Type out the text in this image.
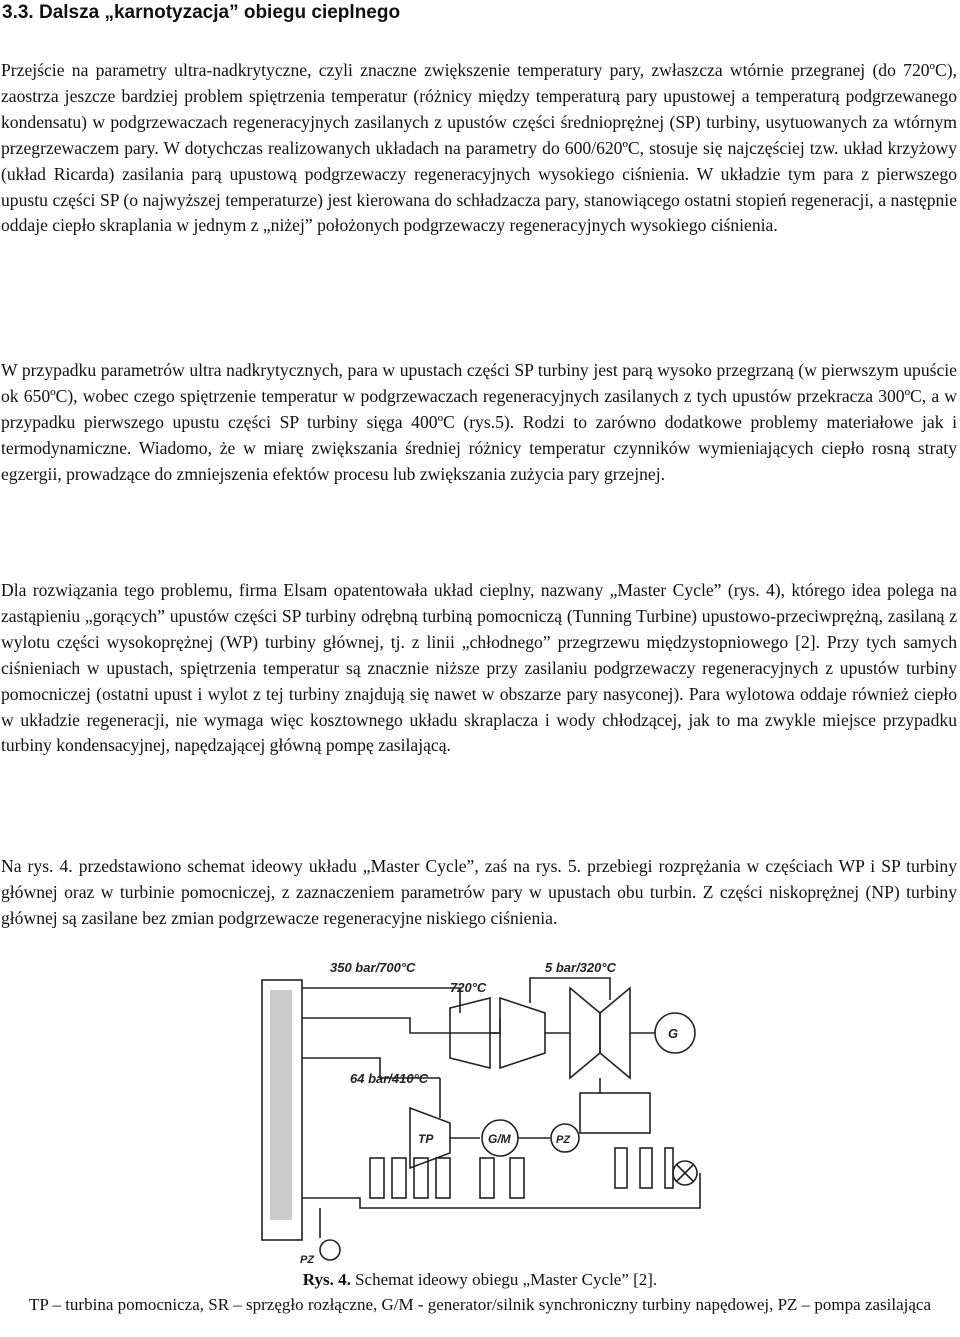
3.3. Dalsza „karnotyzacja” obiegu cieplnego

Przejście na parametry ultra-nadkrytyczne, czyli znaczne zwiększenie temperatury pary, zwłaszcza wtórnie przegranej (do 720ºC), zaostrza jeszcze bardziej problem spiętrzenia temperatur (różnicy między temperaturą pary upustowej a temperaturą podgrzewanego kondensatu) w podgrzewaczach regeneracyjnych zasilanych z upustów części średnioprężnej (SP) turbiny, usytuowanych za wtórnym przegrzewaczem pary. W dotychczas realizowanych układach na parametry do 600/620ºC, stosuje się najczęściej tzw. układ krzyżowy (układ Ricarda) zasilania parą upustową podgrzewaczy regeneracyjnych wysokiego ciśnienia. W układzie tym para z pierwszego upustu części SP (o najwyższej temperaturze) jest kierowana do schładzacza pary, stanowiącego ostatni stopień regeneracji, a następnie oddaje ciepło skraplania w jednym z „niżej” położonych podgrzewaczy regeneracyjnych wysokiego ciśnienia.

W przypadku parametrów ultra nadkrytycznych, para w upustach części SP turbiny jest parą wysoko przegrzaną (w pierwszym upuście ok 650ºC), wobec czego spiętrzenie temperatur w podgrzewaczach regeneracyjnych zasilanych z tych upustów przekracza 300ºC, a w przypadku pierwszego upustu części SP turbiny sięga 400ºC (rys.5). Rodzi to zarówno dodatkowe problemy materiałowe jak i termodynamiczne. Wiadomo, że w miarę zwiększania średniej różnicy temperatur czynników wymieniających ciepło rosną straty egzergii, prowadzące do zmniejszenia efektów procesu lub zwiększania zużycia pary grzejnej.

Dla rozwiązania tego problemu, firma Elsam opatentowała układ cieplny, nazwany „Master Cycle” (rys. 4), którego idea polega na zastąpieniu „gorących” upustów części SP turbiny odrębną turbiną pomocniczą (Tunning Turbine) upustowo-przeciwprężną, zasilaną z wylotu części wysokoprężnej (WP) turbiny głównej, tj. z linii „chłodnego” przegrzewu międzystopniowego [2]. Przy tych samych ciśnieniach w upustach, spiętrzenia temperatur są znacznie niższe przy zasilaniu podgrzewaczy regeneracyjnych z upustów turbiny pomocniczej (ostatni upust i wylot z tej turbiny znajdują się nawet w obszarze pary nasyconej). Para wylotowa oddaje również ciepło w układzie regeneracji, nie wymaga więc kosztownego układu skraplacza i wody chłodzącej, jak to ma zwykle miejsce przypadku turbiny kondensacyjnej, napędzającej główną pompę zasilającą.

Na rys. 4. przedstawiono schemat ideowy układu „Master Cycle”, zaś na rys. 5. przebiegi rozprężania w częściach WP i SP turbiny głównej oraz w turbinie pomocniczej, z zaznaczeniem parametrów pary w upustach obu turbin. Z części niskoprężnej (NP) turbiny głównej są zasilane bez zmian podgrzewacze regeneracyjne niskiego ciśnienia.

350 bar/700°C
720°C
5 bar/320°C
64 bar/410°C
G
TP	G/M	PZ
PZ

Rys. 4. Schemat ideowy obiegu „Master Cycle” [2].

TP – turbina pomocnicza, SR – sprzęgło rozłączne, G/M - generator/silnik synchroniczny turbiny napędowej, PZ – pompa zasilająca
